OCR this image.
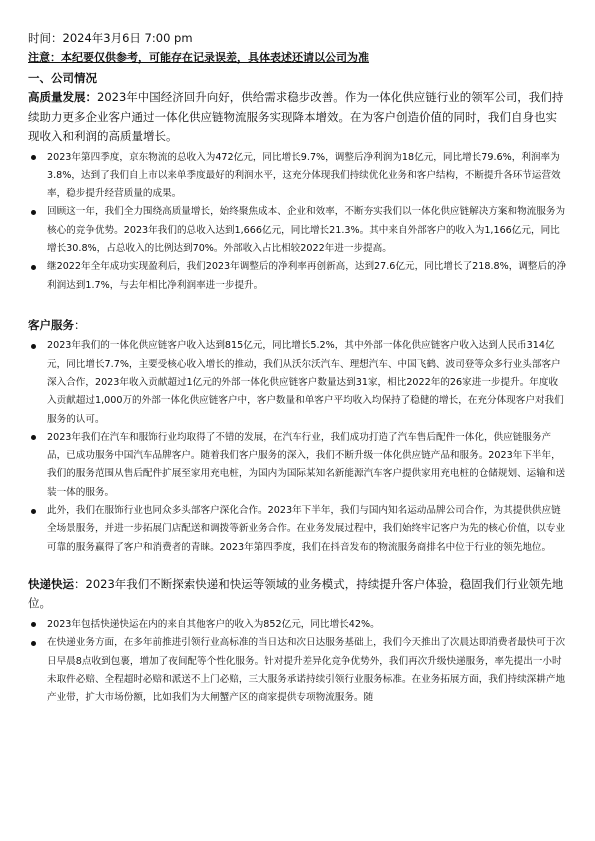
时间：2024年3月6日 7:00 pm

注意：本纪要仅供参考，可能存在记录误差，具体表述还请以公司为准

一、公司情况

高质量发展：2023年中国经济回升向好，供给需求稳步改善。作为一体化供应链行业的领军公司，我们持续助力更多企业客户通过一体化供应链物流服务实现降本增效。在为客户创造价值的同时，我们自身也实现收入和利润的高质量增长。

2023年第四季度，京东物流的总收入为472亿元，同比增长9.7%，调整后净利润为18亿元，同比增长79.6%，利润率为3.8%，达到了我们自上市以来单季度最好的利润水平，这充分体现我们持续优化业务和客户结构，不断提升各环节运营效率，稳步提升经营质量的成果。
回顾这一年，我们全力围绕高质量增长，始终聚焦成本、企业和效率，不断夯实我们以一体化供应链解决方案和物流服务为核心的竞争优势。2023年我们的总收入达到1,666亿元，同比增长21.3%。其中来自外部客户的收入为1,166亿元，同比增长30.8%，占总收入的比例达到70%。外部收入占比相较2022年进一步提高。
继2022年全年成功实现盈利后，我们2023年调整后的净利率再创新高，达到27.6亿元，同比增长了218.8%，调整后的净利润达到1.7%，与去年相比净利润率进一步提升。

客户服务：

2023年我们的一体化供应链客户收入达到815亿元，同比增长5.2%，其中外部一体化供应链客户收入达到人民币314亿元，同比增长7.7%，主要受核心收入增长的推动，我们从沃尔沃汽车、理想汽车、中国飞鹤、波司登等众多行业头部客户深入合作，2023年收入贡献超过1亿元的外部一体化供应链客户数量达到31家，相比2022年的26家进一步提升。年度收入贡献超过1,000万的外部一体化供应链客户中，客户数量和单客户平均收入均保持了稳健的增长，在充分体现客户对我们服务的认可。
2023年我们在汽车和服饰行业均取得了不错的发展，在汽车行业，我们成功打造了汽车售后配件一体化，供应链服务产品，已成功服务中国汽车品牌客户。随着我们客户服务的深入，我们不断升级一体化供应链产品和服务。2023年下半年，我们的服务范围从售后配件扩展至家用充电桩，为国内为国际某知名新能源汽车客户提供家用充电桩的仓储规划、运输和送装一体的服务。
此外，我们在服饰行业也同众多头部客户深化合作。2023年下半年，我们与国内知名运动品牌公司合作，为其提供供应链全场景服务，并进一步拓展门店配送和调拨等新业务合作。在业务发展过程中，我们始终牢记客户为先的核心价值，以专业可靠的服务赢得了客户和消费者的青睐。2023年第四季度，我们在抖音发布的物流服务商排名中位于行业的领先地位。

快递快运：2023年我们不断探索快递和快运等领域的业务模式，持续提升客户体验，稳固我们行业领先地位。

2023年包括快递快运在内的来自其他客户的收入为852亿元，同比增长42%。
在快递业务方面，在多年前推进引领行业高标准的当日达和次日达服务基础上，我们今天推出了次晨达即消费者最快可于次日早晨8点收到包裹，增加了夜间配等个性化服务。针对提升差异化竞争优势外，我们再次升级快递服务，率先提出一小时未取件必赔、全程超时必赔和派送不上门必赔，三大服务承诺持续引领行业服务标准。在业务拓展方面，我们持续深耕产地产业带，扩大市场份额，比如我们为大闸蟹产区的商家提供专项物流服务。随
